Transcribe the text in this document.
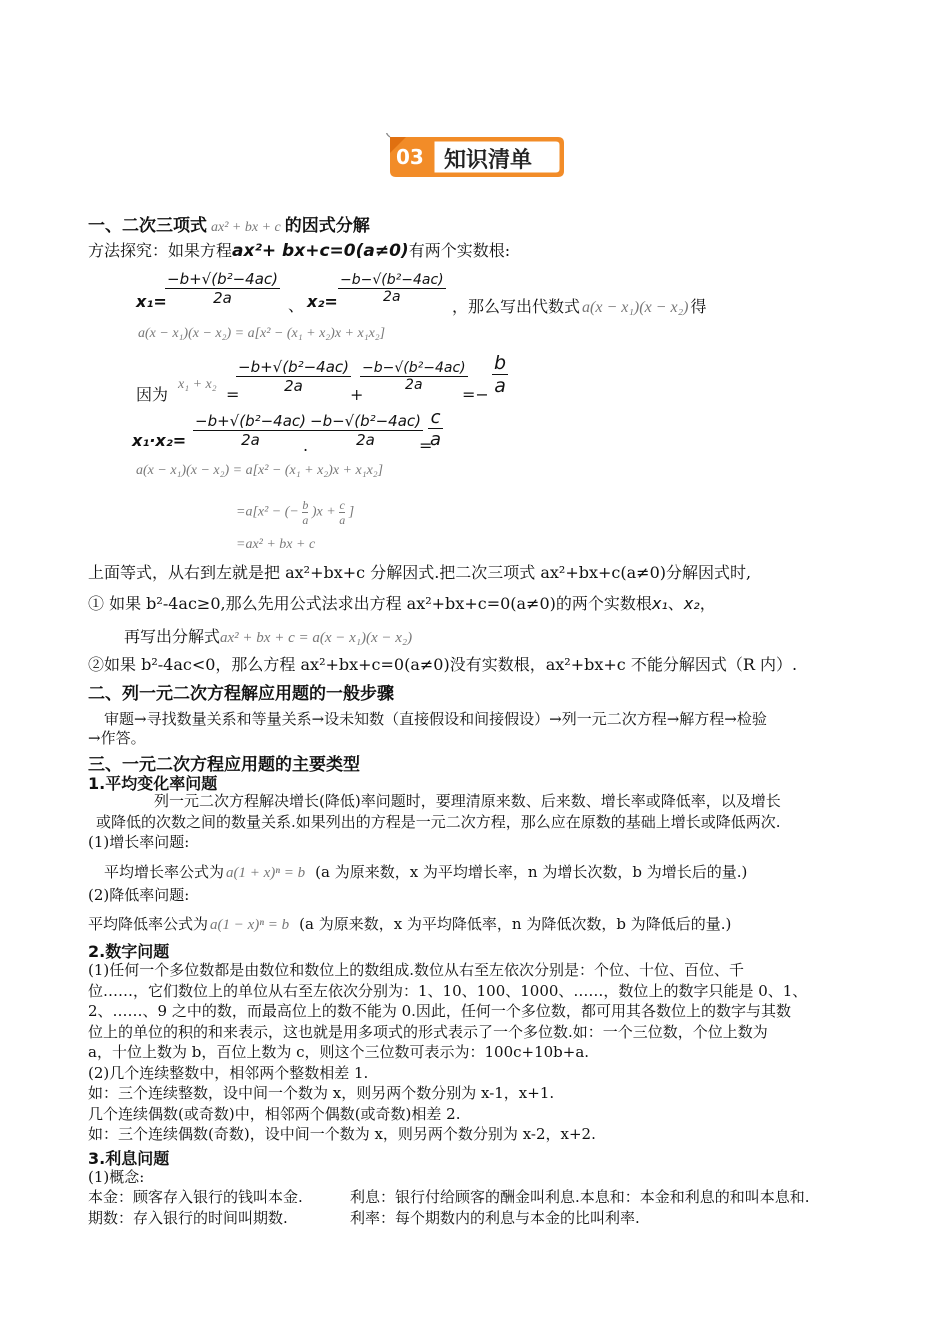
03 知识清单
一、二次三项式 ax² + bx + c 的因式分解
方法探究：如果方程ax²+ bx+c=0(a≠0)有两个实数根:
x₁=
$\frac{\text{−b+√(b²−4ac)}}{2a}$ 、 $x_2= \frac{\text{−b−√(b²−4ac)}}{2a}$
，那么写出代数式 a(x − x₁)(x − x₂) 得
a(x − x₁)(x − x₂) = a[x² − (x₁ + x₂)x + x₁x₂]
因为
x₁ + x₂
=
$\frac{\text{−b+√(b²−4ac)}}{2a}$
+
$\frac{\text{−b−√(b²−4ac)}}{2a}$
=− $\frac{b}{a}$
$x_1\cdot x_2= \frac{\text{−b+√(b²−4ac)}}{2a}$
. $\frac{\text{−b−√(b²−4ac)}}{2a}$
=
$\frac{c}{a}$
a(x − x₁)(x − x₂) = a[x² − (x₁ + x₂)x + x₁x₂]
=a[x² − (− $\frac{b}{a} )x + \frac{c}{a}$ ]
=ax² + bx + c
上面等式，从右到左就是把 ax²+bx+c 分解因式.把二次三项式 ax²+bx+c(a≠0)分解因式时,
① 如果 b²-4ac≥0,那么先用公式法求出方程 ax²+bx+c=0(a≠0)的两个实数根x₁、x₂，
再写出分解式ax² + bx + c = a(x − x₁)(x − x₂)
②如果 b²-4ac<0，那么方程 ax²+bx+c=0(a≠0)没有实数根，ax²+bx+c 不能分解因式（R 内）.
二、列一元二次方程解应用题的一般步骤
审题→寻找数量关系和等量关系→设未知数（直接假设和间接假设）→列一元二次方程→解方程→检验
→作答。
三、一元二次方程应用题的主要类型
1.平均变化率问题
列一元二次方程解决增长(降低)率问题时，要理清原来数、后来数、增长率或降低率，以及增长
或降低的次数之间的数量关系.如果列出的方程是一元二次方程，那么应在原数的基础上增长或降低两次.
(1)增长率问题:
平均增长率公式为 a(1 + x)ⁿ = b (a 为原来数，x 为平均增长率，n 为增长次数，b 为增长后的量.)
(2)降低率问题:
平均降低率公式为 a(1 − x)ⁿ = b (a 为原来数，x 为平均降低率，n 为降低次数，b 为降低后的量.)
2.数字问题
(1)任何一个多位数都是由数位和数位上的数组成.数位从右至左依次分别是：个位、十位、百位、千
位……，它们数位上的单位从右至左依次分别为：1、10、100、1000、……，数位上的数字只能是 0、1、
2、……、9 之中的数，而最高位上的数不能为 0.因此，任何一个多位数，都可用其各数位上的数字与其数
位上的单位的积的和来表示，这也就是用多项式的形式表示了一个多位数.如：一个三位数，个位上数为
a，十位上数为 b，百位上数为 c，则这个三位数可表示为：100c+10b+a.
(2)几个连续整数中，相邻两个整数相差 1.
如：三个连续整数，设中间一个数为 x，则另两个数分别为 x-1，x+1.
几个连续偶数(或奇数)中，相邻两个偶数(或奇数)相差 2.
如：三个连续偶数(奇数)，设中间一个数为 x，则另两个数分别为 x-2，x+2.
3.利息问题
(1)概念:
本金：顾客存入银行的钱叫本金.	利息：银行付给顾客的酬金叫利息.本息和：本金和利息的和叫本息和.
期数：存入银行的时间叫期数.	利率：每个期数内的利息与本金的比叫利率.
